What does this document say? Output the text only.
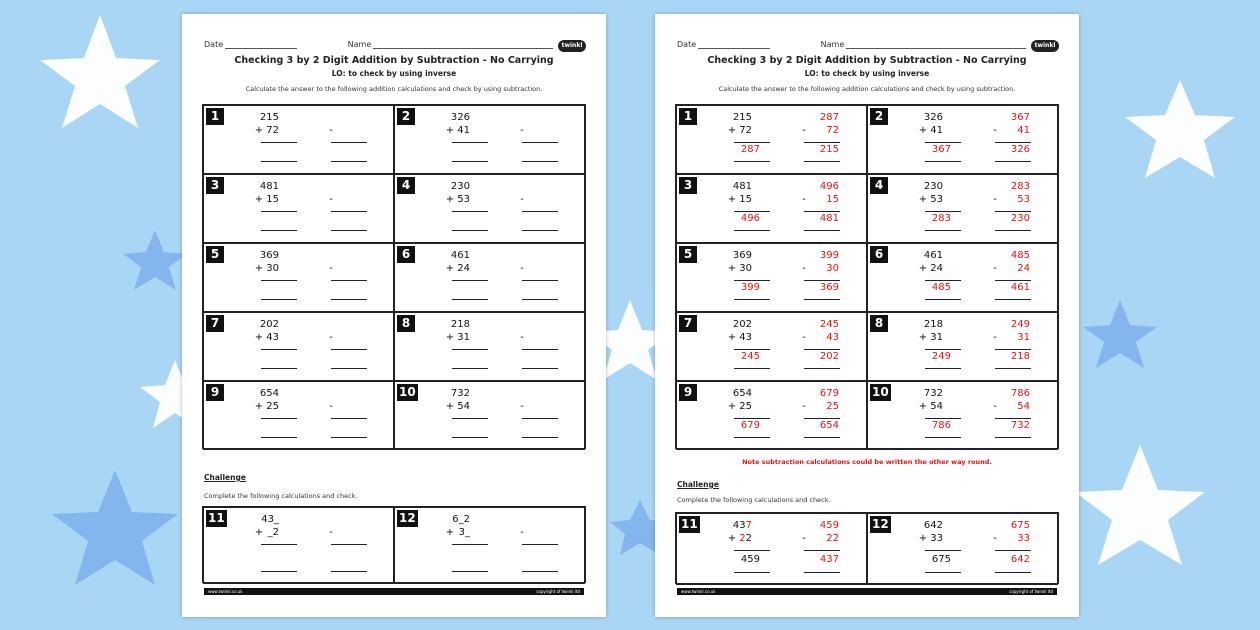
Date	Name	twinkl
Checking 3 by 2 Digit Addition by Subtraction - No Carrying
LO: to check by using inverse
Calculate the answer to the following addition calculations and check by using subtraction.
1	215
+ 72	-
2	326
+ 41	-
3	481
+ 15	-
4	230
+ 53	-
5	369
+ 30	-
6	461
+ 24	-
7	202
+ 43	-
8	218
+ 31	-
9	654
+ 25	-
10	732
+ 54	-
Challenge
Complete the following calculations and check.
11	43_
+ _2	-
12	6_2
+ 3_	-
www.twinkl.co.uk	copyright of twinkl ltd
Date	Name	twinkl
Checking 3 by 2 Digit Addition by Subtraction - No Carrying
LO: to check by using inverse
Calculate the answer to the following addition calculations and check by using subtraction.
1	215
+ 72	-
287
287
72
215
2	326
+ 41	-
367
367
41
326
3	481
+ 15	-
496
496
15
481
4	230
+ 53	-
283
283
53
230
5	369
+ 30	-
399
399
30
369
6	461
+ 24	-
485
485
24
461
7	202
+ 43	-
245
245
43
202
8	218
+ 31	-
249
249
31
218
9	654
+ 25	-
679
679
25
654
10	732
+ 54	-
786
786
54
732
Note subtraction calculations could be written the other way round.
Challenge
Complete the following calculations and check.
11	437
22
+
459
-
459
22
437
12	642
33
+
675
-
675
33
642
www.twinkl.co.uk	copyright of twinkl ltd
